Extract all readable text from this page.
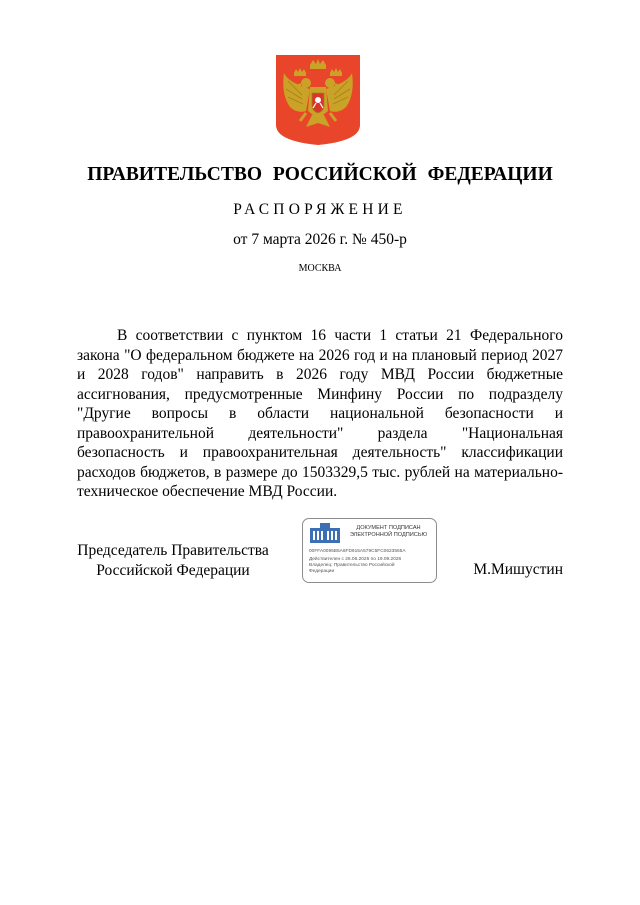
ПРАВИТЕЛЬСТВО РОССИЙСКОЙ ФЕДЕРАЦИИ
РАСПОРЯЖЕНИЕ
от 7 марта 2026 г. № 450-р
МОСКВА
В соответствии с пунктом 16 части 1 статьи 21 Федерального закона "О федеральном бюджете на 2026 год и на плановый период 2027 и 2028 годов" направить в 2026 году МВД России бюджетные ассигнования, предусмотренные Минфину России по подразделу "Другие вопросы в области национальной безопасности и правоохранительной деятельности" раздела "Национальная безопасность и правоохранительная деятельность" классификации расходов бюджетов, в размере до 1503329,5 тыс. рублей на материально-техническое обеспечение МВД России.
Председатель Правительства
Российской Федерации
ДОКУМЕНТ ПОДПИСАН
ЭЛЕКТРОННОЙ ПОДПИСЬЮ
00FFA0095B5A6FD915A579C5FC0623565A
Действителен с 26.06.2025 по 19.09.2026
Владелец: Правительство Российской
Федерации	М.Мишустин
